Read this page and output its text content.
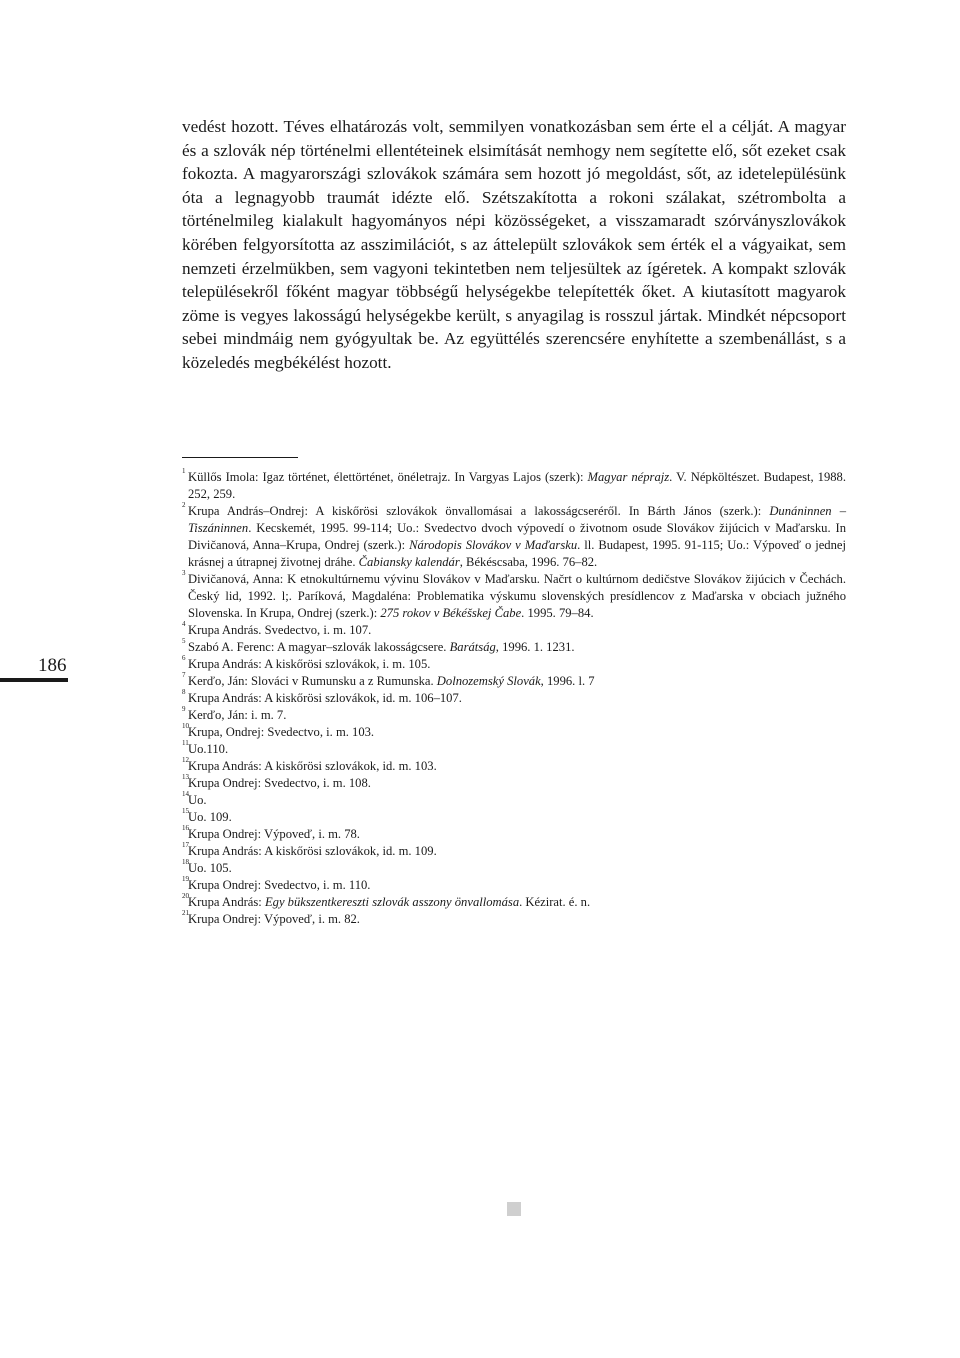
vedést hozott. Téves elhatározás volt, semmilyen vonatkozásban sem érte el a célját. A magyar és a szlovák nép történelmi ellentéteinek elsimítását nemhogy nem segítette elő, sőt ezeket csak fokozta. A magyarországi szlovákok számára sem hozott jó megoldást, sőt, az idetelepülésünk óta a legnagyobb traumát idézte elő. Szétszakította a rokoni szálakat, szétrombolta a történelmileg kialakult hagyományos népi közösségeket, a visszamaradt szórványszlovákok körében felgyorsította az asszimilációt, s az áttelepült szlovákok sem érték el a vágyaikat, sem nemzeti érzelmükben, sem vagyoni tekintetben nem teljesültek az ígéretek. A kompakt szlovák településekről főként magyar többségű helységekbe telepítették őket. A kiutasított magyarok zöme is vegyes lakosságú helységekbe került, s anyagilag is rosszul jártak. Mindkét népcsoport sebei mindmáig nem gyógyultak be. Az együttélés szerencsére enyhítette a szembenállást, s a közeledés megbékélést hozott.

1 Küllős Imola: Igaz történet, élettörténet, önéletrajz. In Vargyas Lajos (szerk): Magyar néprajz. V. Népköltészet. Budapest, 1988. 252, 259.
2 Krupa András–Ondrej: A kiskőrösi szlovákok önvallomásai a lakosságcseréről. In Bárth János (szerk.): Dunáninnen – Tiszáninnen. Kecskemét, 1995. 99-114; Uo.: Svedectvo dvoch výpovedí o životnom osude Slovákov žijúcich v Maďarsku. In Divičanová, Anna–Krupa, Ondrej (szerk.): Národopis Slovákov v Maďarsku. ll. Budapest, 1995. 91-115; Uo.: Výpoveď o jednej krásnej a útrapnej životnej dráhe. Čabiansky kalendár, Békéscsaba, 1996. 76–82.
3 Divičanová, Anna: K etnokultúrnemu vývinu Slovákov v Maďarsku. Načrt o kultúrnom dedičstve Slovákov žijúcich v Čechách. Český lid, 1992. l;. Paríková, Magdaléna: Problematika výskumu slovenských presídlencov z Maďarska v obciach južného Slovenska. In Krupa, Ondrej (szerk.): 275 rokov v Békéšskej Čabe. 1995. 79–84.
4 Krupa András. Svedectvo, i. m. 107.
5 Szabó A. Ferenc: A magyar–szlovák lakosságcsere. Barátság, 1996. 1. 1231.
6 Krupa András: A kiskőrösi szlovákok, i. m. 105.
7 Kerďo, Ján: Slováci v Rumunsku a z Rumunska. Dolnozemský Slovák, 1996. l. 7
8 Krupa András: A kiskőrösi szlovákok, id. m. 106–107.
9 Kerďo, Ján: i. m. 7.
10 Krupa, Ondrej: Svedectvo, i. m. 103.
11 Uo.110.
12 Krupa András: A kiskőrösi szlovákok, id. m. 103.
13 Krupa Ondrej: Svedectvo, i. m. 108.
14 Uo.
15 Uo. 109.
16 Krupa Ondrej: Výpoveď, i. m. 78.
17 Krupa András: A kiskőrösi szlovákok, id. m. 109.
18 Uo. 105.
19 Krupa Ondrej: Svedectvo, i. m. 110.
20 Krupa András: Egy bükszentkereszti szlovák asszony önvallomása. Kézirat. é. n.
21 Krupa Ondrej: Výpoveď, i. m. 82.
186
